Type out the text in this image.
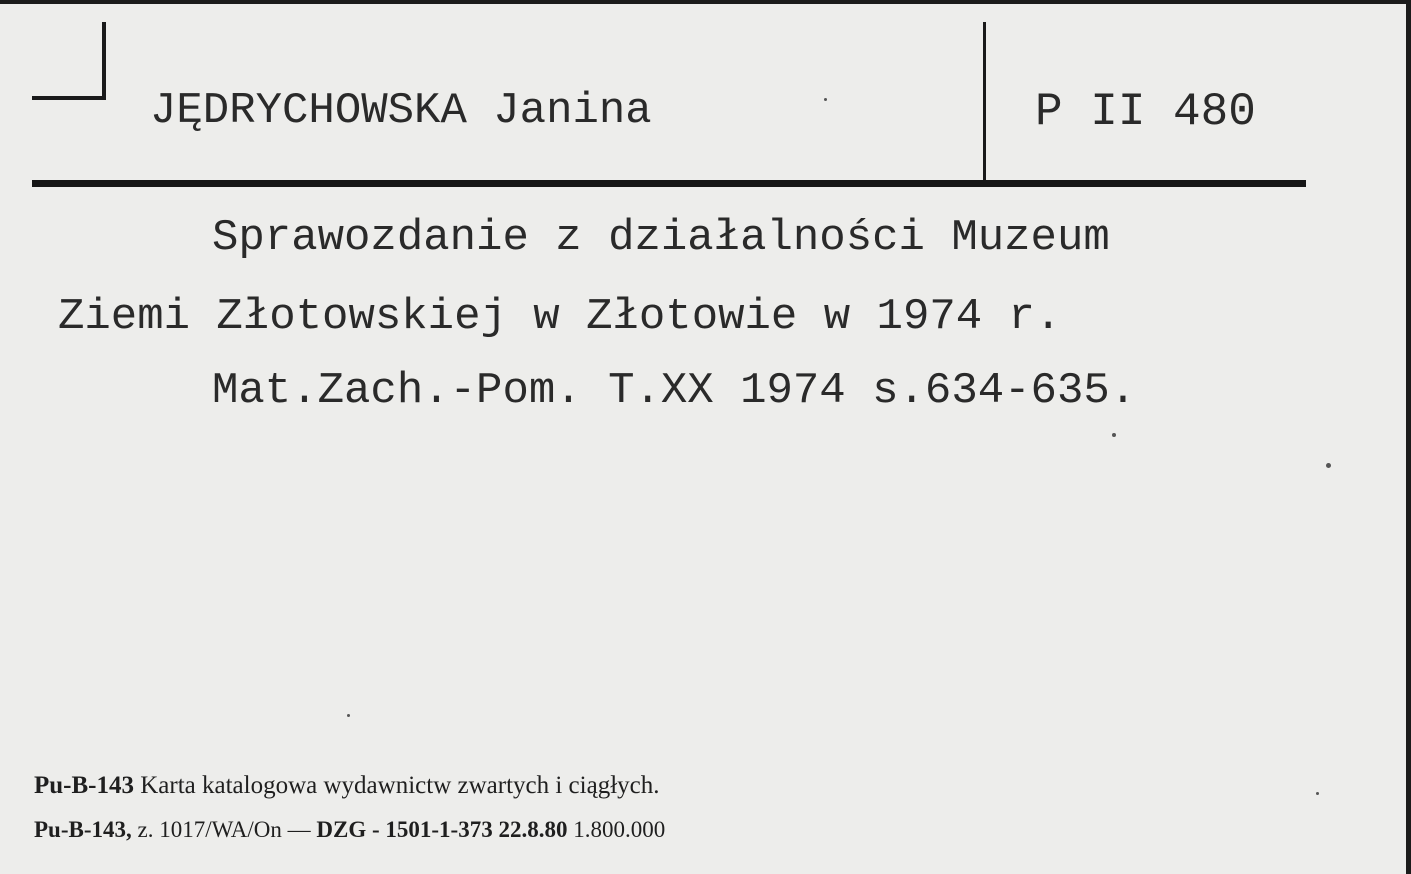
JĘDRYCHOWSKA Janina	P II 480
Sprawozdanie z działalności Muzeum
Ziemi Złotowskiej w Złotowie w 1974 r.
Mat.Zach.-Pom. T.XX 1974 s.634-635.
Pu-B-143 Karta katalogowa wydawnictw zwartych i ciągłych.
Pu-B-143, z. 1017/WA/On — DZG - 1501-1-373 22.8.80 1.800.000
